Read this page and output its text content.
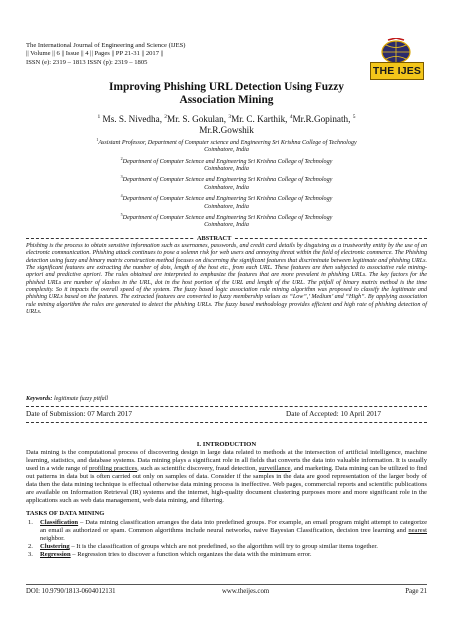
The International Journal of Engineering and Science (IJES)
|| Volume || 6 || Issue || 4 || Pages || PP 21-31 || 2017 ||
ISSN (e): 2319 – 1813 ISSN (p): 2319 – 1805
THE IJES
Improving Phishing URL Detection Using Fuzzy
Association Mining
$^1$ Ms. S. Nivedha, $^2$Mr. S. Gokulan, $^3$Mr. C. Karthik, $^4$Mr.R.Gopinath, $^5$
Mr.R.Gowshik
$^1$Assistant Professor, Department of Computer science and Engineering Sri Krishna College of Technology
Coimbatore, India
$^2$Department of Computer Science and Engineering Sri Krishna College of Technology
Coimbatore, India
$^3$Department of Computer Science and Engineering Sri Krishna College of Technology
Coimbatore, India
$^4$Department of Computer Science and Engineering Sri Krishna College of Technology
Coimbatore, India
$^5$Department of Computer Science and Engineering Sri Krishna College of Technology
Coimbatore, India
ABSTRACT
Phishing is the process to obtain sensitive information such as usernames, passwords, and credit card details by disguising as a trustworthy entity by the use of an electronic communication. Phishing attack continues to pose a solemn risk for web users and annoying threat within the field of electronic commerce. The Phishing detection using fuzzy and binary matrix construction method focuses on discerning the significant features that discriminate between legitimate and phishing URLs. The significant features are extracting the number of dots, length of the host etc., from each URL. These features are then subjected to associative rule mining-apriori and predictive apriori. The rules obtained are interpreted to emphasize the features that are more prevalent in phishing URLs. The key factors for the phished URLs are number of slashes in the URL, dot in the host portion of the URL and length of the URL. The pitfall of binary matrix method is the time complexity. So it impacts the overall speed of the system. The fuzzy based logic association rule mining algorithm was proposed to classify the legitimate and phishing URLs based on the features. The extracted features are converted to fuzzy membership values as “Low”,’ Medium’ and “High”. By applying association rule mining algorithm the rules are generated to detect the phishing URLs. The fuzzy based methodology provides efficient and high rate of phishing detection of URLs.
Keywords: legitimate fuzzy pitfall
Date of Submission: 07 March 2017	Date of Accepted: 10 April 2017
I. INTRODUCTION
Data mining is the computational process of discovering design in large data related to methods at the intersection of artificial intelligence, machine learning, statistics, and database systems. Data mining plays a significant role in all fields that converts the data into valuable information. It is usually used in a wide range of profiling practices, such as scientific discovery, fraud detection, surveillance, and marketing. Data mining can be utilized to find out patterns in data but is often carried out only on samples of data. Consider if the samples in the data are good representation of the larger body of data then the data mining technique is effectual otherwise data mining process is ineffective. Web pages, commercial reports and scientific publications are available on Information Retrieval (IR) systems and the internet, high-quality document clustering purposes more and more significant role in the applications such as web data management, web data mining, and filtering.
TASKS OF DATA MINING
1. Classification – Data mining classification arranges the data into predefined groups. For example, an email program might attempt to categorize an email as authorized or spam. Common algorithms include neural networks, naive Bayesian Classification, decision tree learning and nearest neighbor.
2. Clustering – It is the classification of groups which are not predefined, so the algorithm will try to group similar items together.
3. Regression – Regression tries to discover a function which organizes the data with the minimum error.
DOI: 10.9790/1813-0604012131	www.theijes.com	Page 21
